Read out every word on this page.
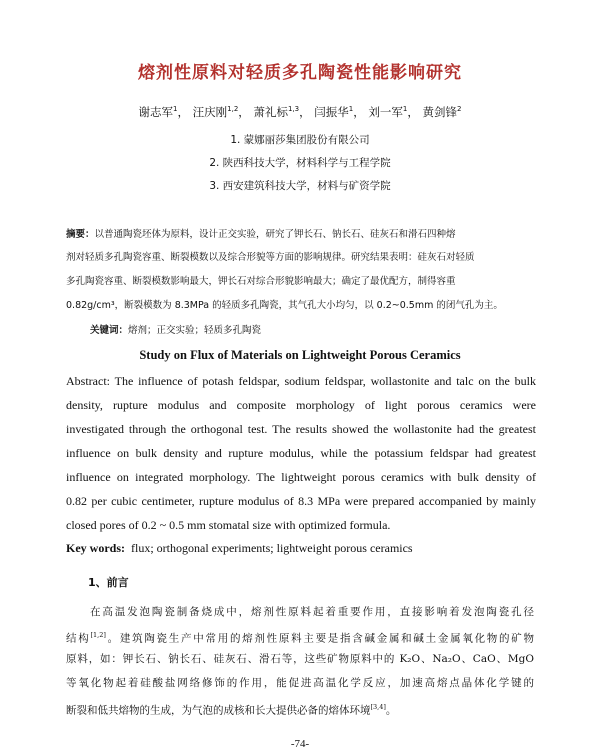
熔剂性原料对轻质多孔陶瓷性能影响研究
谢志军$^1$， 汪庆刚$^{1,2}$， 萧礼标$^{1,3}$， 闫振华$^1$， 刘一军$^1$， 黄剑锋$^2$
1. 蒙娜丽莎集团股份有限公司
2. 陕西科技大学，材料科学与工程学院
3. 西安建筑科技大学，材料与矿资学院
摘要：以普通陶瓷坯体为原料，设计正交实验，研究了钾长石、钠长石、硅灰石和滑石四种熔
剂对轻质多孔陶瓷容重、断裂模数以及综合形貌等方面的影响规律。研究结果表明：硅灰石对轻质
多孔陶瓷容重、断裂模数影响最大，钾长石对综合形貌影响最大；确定了最优配方，制得容重
0.82g/cm³，断裂模数为 8.3MPa 的轻质多孔陶瓷，其气孔大小均匀，以 0.2~0.5mm 的闭气孔为主。
关键词：熔剂；正交实验；轻质多孔陶瓷
Study on Flux of Materials on Lightweight Porous Ceramics
Abstract: The influence of potash feldspar, sodium feldspar, wollastonite and talc on the bulk
density, rupture modulus and composite morphology of light porous ceramics were
investigated through the orthogonal test. The results showed the wollastonite had the greatest
influence on bulk density and rupture modulus, while the potassium feldspar had greatest
influence on integrated morphology. The lightweight porous ceramics with bulk density of
0.82 per cubic centimeter, rupture modulus of 8.3 MPa were prepared accompanied by mainly
closed pores of 0.2 ~ 0.5 mm stomatal size with optimized formula.
Key words: flux; orthogonal experiments; lightweight porous ceramics
1、前言
在高温发泡陶瓷制备烧成中，熔剂性原料起着重要作用，直接影响着发泡陶瓷孔径
结构[1,2]。建筑陶瓷生产中常用的熔剂性原料主要是指含碱金属和碱土金属氧化物的矿物
原料，如：钾长石、钠长石、硅灰石、滑石等，这些矿物原料中的 K₂O、Na₂O、CaO、MgO
等氧化物起着硅酸盐网络修饰的作用，能促进高温化学反应，加速高熔点晶体化学键的
断裂和低共熔物的生成，为气泡的成核和长大提供必备的熔体环境[3,4]。
-74-
